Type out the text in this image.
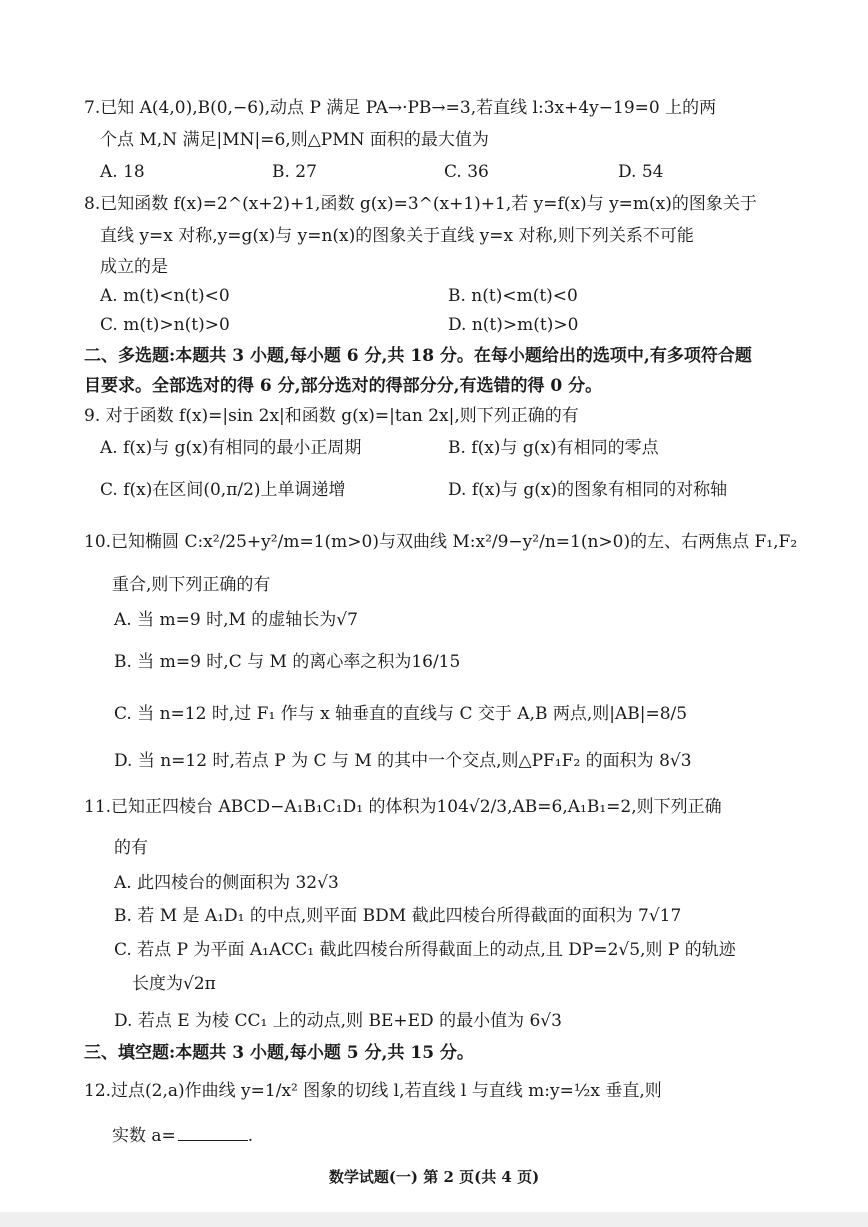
7.已知 A(4,0),B(0,−6),动点 P 满足 PA→·PB→=3,若直线 l:3x+4y−19=0 上的两
个点 M,N 满足|MN|=6,则△PMN 面积的最大值为
A. 18	B. 27	C. 36	D. 54
8.已知函数 f(x)=2^(x+2)+1,函数 g(x)=3^(x+1)+1,若 y=f(x)与 y=m(x)的图象关于
直线 y=x 对称,y=g(x)与 y=n(x)的图象关于直线 y=x 对称,则下列关系不可能
成立的是
A. m(t)<n(t)<0	B. n(t)<m(t)<0
C. m(t)>n(t)>0	D. n(t)>m(t)>0
二、多选题:本题共 3 小题,每小题 6 分,共 18 分。在每小题给出的选项中,有多项符合题
目要求。全部选对的得 6 分,部分选对的得部分分,有选错的得 0 分。
9. 对于函数 f(x)=|sin 2x|和函数 g(x)=|tan 2x|,则下列正确的有
A. f(x)与 g(x)有相同的最小正周期	B. f(x)与 g(x)有相同的零点
C. f(x)在区间(0,π/2)上单调递增	D. f(x)与 g(x)的图象有相同的对称轴
10.已知椭圆 C:x²/25+y²/m=1(m>0)与双曲线 M:x²/9−y²/n=1(n>0)的左、右两焦点 F₁,F₂
重合,则下列正确的有
A. 当 m=9 时,M 的虚轴长为√7
B. 当 m=9 时,C 与 M 的离心率之积为16/15
C. 当 n=12 时,过 F₁ 作与 x 轴垂直的直线与 C 交于 A,B 两点,则|AB|=8/5
D. 当 n=12 时,若点 P 为 C 与 M 的其中一个交点,则△PF₁F₂ 的面积为 8√3
11.已知正四棱台 ABCD−A₁B₁C₁D₁ 的体积为104√2/3,AB=6,A₁B₁=2,则下列正确
的有
A. 此四棱台的侧面积为 32√3
B. 若 M 是 A₁D₁ 的中点,则平面 BDM 截此四棱台所得截面的面积为 7√17
C. 若点 P 为平面 A₁ACC₁ 截此四棱台所得截面上的动点,且 DP=2√5,则 P 的轨迹
长度为√2π
D. 若点 E 为棱 CC₁ 上的动点,则 BE+ED 的最小值为 6√3
三、填空题:本题共 3 小题,每小题 5 分,共 15 分。
12.过点(2,a)作曲线 y=1/x² 图象的切线 l,若直线 l 与直线 m:y=½x 垂直,则
实数 a=	.
数学试题(一) 第 2 页(共 4 页)
